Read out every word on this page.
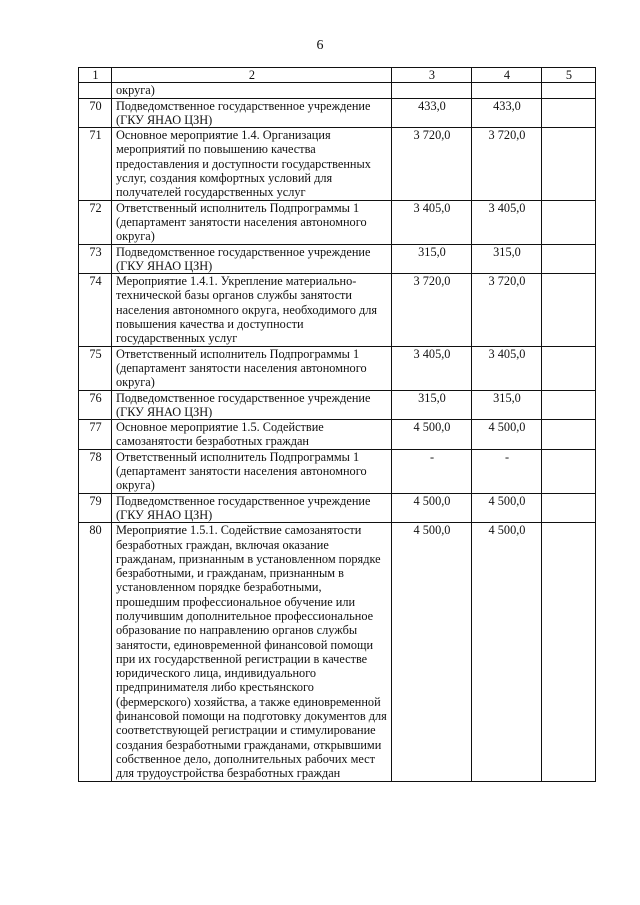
6
1	2	3	4	5
	округа)			
70	Подведомственное государственное учреждение (ГКУ ЯНАО ЦЗН)	433,0	433,0	
71	Основное мероприятие 1.4. Организация мероприятий по повышению качества предоставления и доступности государственных услуг, создания комфортных условий для получателей государственных услуг	3 720,0	3 720,0	
72	Ответственный исполнитель Подпрограммы 1 (департамент занятости населения автономного округа)	3 405,0	3 405,0	
73	Подведомственное государственное учреждение (ГКУ ЯНАО ЦЗН)	315,0	315,0	
74	Мероприятие 1.4.1. Укрепление материально-технической базы органов службы занятости населения автономного округа, необходимого для повышения качества и доступности государственных услуг	3 720,0	3 720,0	
75	Ответственный исполнитель Подпрограммы 1 (департамент занятости населения автономного округа)	3 405,0	3 405,0	
76	Подведомственное государственное учреждение (ГКУ ЯНАО ЦЗН)	315,0	315,0	
77	Основное мероприятие 1.5. Содействие самозанятости безработных граждан	4 500,0	4 500,0	
78	Ответственный исполнитель Подпрограммы 1 (департамент занятости населения автономного округа)	-	-	
79	Подведомственное государственное учреждение (ГКУ ЯНАО ЦЗН)	4 500,0	4 500,0	
80	Мероприятие 1.5.1. Содействие самозанятости безработных граждан, включая оказание гражданам, признанным в установленном порядке безработными, и гражданам, признанным в установленном порядке безработными, прошедшим профессиональное обучение или получившим дополнительное профессиональное образование по направлению органов службы занятости, единовременной финансовой помощи при их государственной регистрации в качестве юридического лица, индивидуального предпринимателя либо крестьянского (фермерского) хозяйства, а также единовременной финансовой помощи на подготовку документов для соответствующей регистрации и стимулирование создания безработными гражданами, открывшими собственное дело, дополнительных рабочих мест для трудоустройства безработных граждан	4 500,0	4 500,0	
